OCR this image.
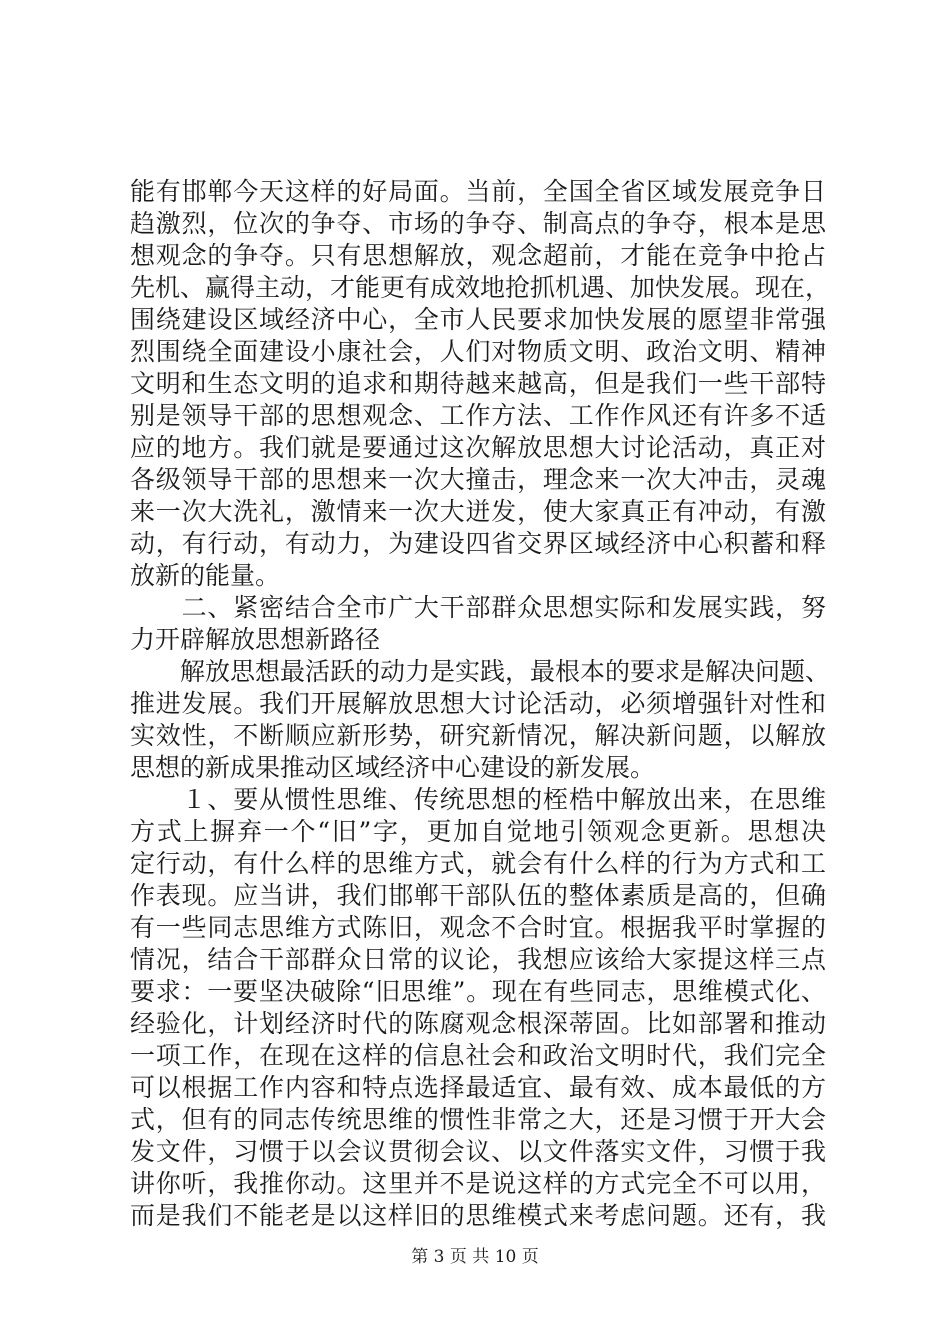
能有邯郸今天这样的好局面。当前，全国全省区域发展竞争日
趋激烈，位次的争夺、市场的争夺、制高点的争夺，根本是思
想观念的争夺。只有思想解放，观念超前，才能在竞争中抢占
先机、赢得主动，才能更有成效地抢抓机遇、加快发展。现在，
围绕建设区域经济中心，全市人民要求加快发展的愿望非常强
烈围绕全面建设小康社会，人们对物质文明、政治文明、精神
文明和生态文明的追求和期待越来越高，但是我们一些干部特
别是领导干部的思想观念、工作方法、工作作风还有许多不适
应的地方。我们就是要通过这次解放思想大讨论活动，真正对
各级领导干部的思想来一次大撞击，理念来一次大冲击，灵魂
来一次大洗礼，激情来一次大迸发，使大家真正有冲动，有激
动，有行动，有动力，为建设四省交界区域经济中心积蓄和释
放新的能量。
　　二、紧密结合全市广大干部群众思想实际和发展实践，努
力开辟解放思想新路径
　　解放思想最活跃的动力是实践，最根本的要求是解决问题、
推进发展。我们开展解放思想大讨论活动，必须增强针对性和
实效性，不断顺应新形势，研究新情况，解决新问题，以解放
思想的新成果推动区域经济中心建设的新发展。
　　１、要从惯性思维、传统思想的桎梏中解放出来，在思维
方式上摒弃一个“旧”字，更加自觉地引领观念更新。思想决
定行动，有什么样的思维方式，就会有什么样的行为方式和工
作表现。应当讲，我们邯郸干部队伍的整体素质是高的，但确
有一些同志思维方式陈旧，观念不合时宜。根据我平时掌握的
情况，结合干部群众日常的议论，我想应该给大家提这样三点
要求：一要坚决破除“旧思维”。现在有些同志，思维模式化、
经验化，计划经济时代的陈腐观念根深蒂固。比如部署和推动
一项工作，在现在这样的信息社会和政治文明时代，我们完全
可以根据工作内容和特点选择最适宜、最有效、成本最低的方
式，但有的同志传统思维的惯性非常之大，还是习惯于开大会
发文件，习惯于以会议贯彻会议、以文件落实文件，习惯于我
讲你听，我推你动。这里并不是说这样的方式完全不可以用，
而是我们不能老是以这样旧的思维模式来考虑问题。还有，我
第 3 页 共 10 页
